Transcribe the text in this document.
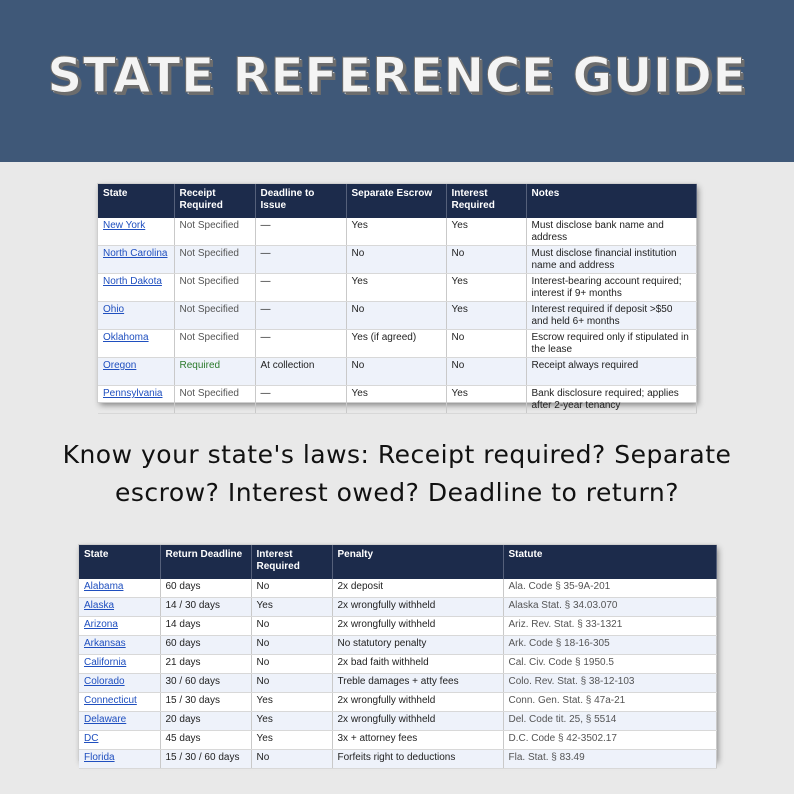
STATE REFERENCE GUIDE
State	Receipt Required	Deadline to Issue	Separate Escrow	Interest Required	Notes
New York	Not Specified	—	Yes	Yes	Must disclose bank name and address
North Carolina	Not Specified	—	No	No	Must disclose financial institution name and address
North Dakota	Not Specified	—	Yes	Yes	Interest-bearing account required; interest if 9+ months
Ohio	Not Specified	—	No	Yes	Interest required if deposit >$50 and held 6+ months
Oklahoma	Not Specified	—	Yes (if agreed)	No	Escrow required only if stipulated in the lease
Oregon	Required	At collection	No	No	Receipt always required
Pennsylvania	Not Specified	—	Yes	Yes	Bank disclosure required; applies after 2-year tenancy
Know your state's laws: Receipt required? Separate
escrow? Interest owed? Deadline to return?
State	Return Deadline	Interest Required	Penalty	Statute
Alabama	60 days	No	2x deposit	Ala. Code § 35-9A-201
Alaska	14 / 30 days	Yes	2x wrongfully withheld	Alaska Stat. § 34.03.070
Arizona	14 days	No	2x wrongfully withheld	Ariz. Rev. Stat. § 33-1321
Arkansas	60 days	No	No statutory penalty	Ark. Code § 18-16-305
California	21 days	No	2x bad faith withheld	Cal. Civ. Code § 1950.5
Colorado	30 / 60 days	No	Treble damages + atty fees	Colo. Rev. Stat. § 38-12-103
Connecticut	15 / 30 days	Yes	2x wrongfully withheld	Conn. Gen. Stat. § 47a-21
Delaware	20 days	Yes	2x wrongfully withheld	Del. Code tit. 25, § 5514
DC	45 days	Yes	3x + attorney fees	D.C. Code § 42-3502.17
Florida	15 / 30 / 60 days	No	Forfeits right to deductions	Fla. Stat. § 83.49
